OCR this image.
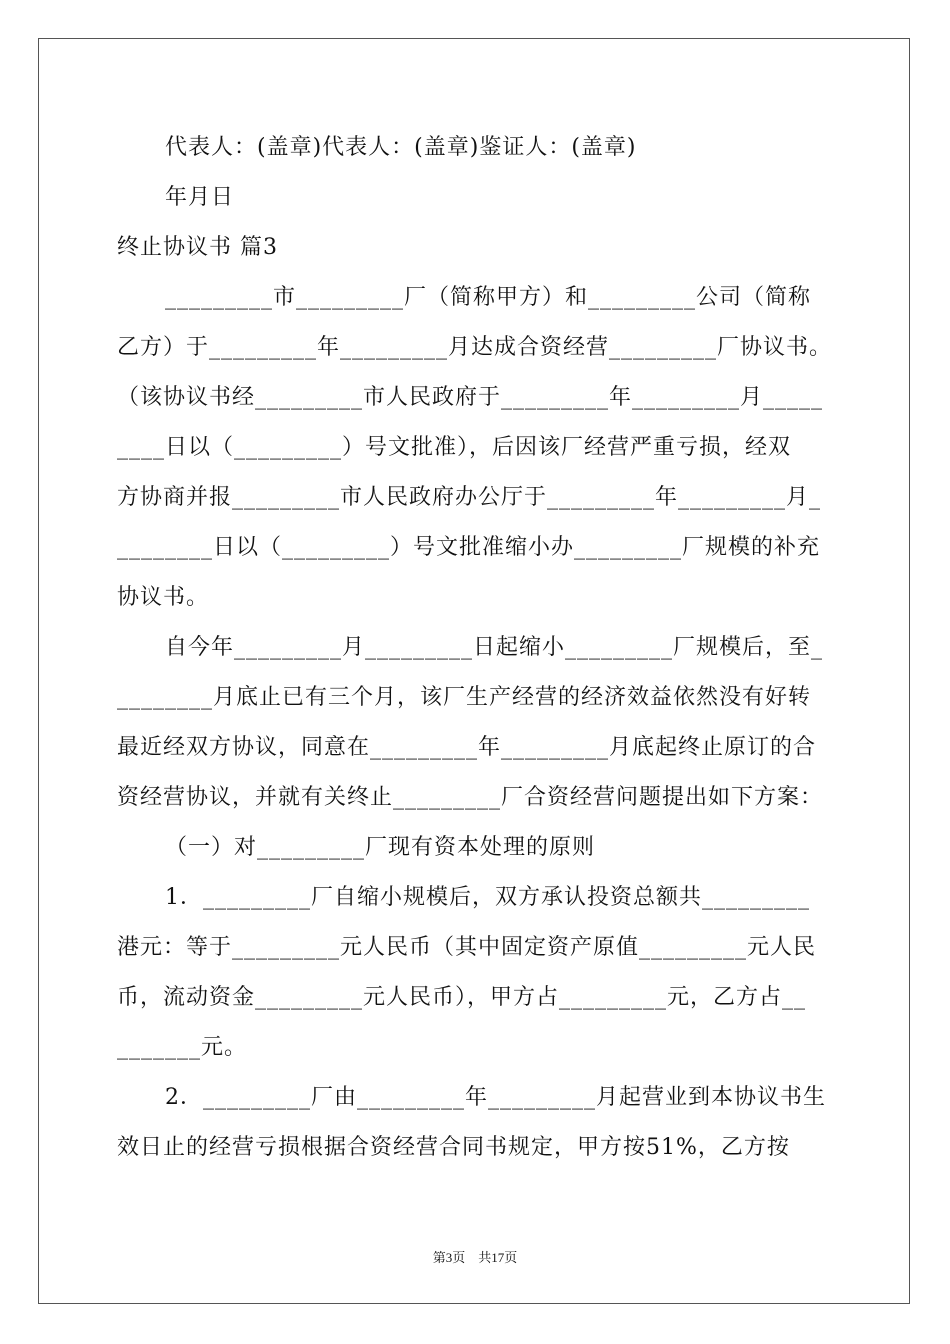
代表人：(盖章)代表人：(盖章)鉴证人：(盖章)
年月日
终止协议书 篇3
_________市_________厂（简称甲方）和_________公司（简称
乙方）于_________年_________月达成合资经营_________厂协议书。
（该协议书经_________市人民政府于_________年_________月_____
____日以（_________）号文批准），后因该厂经营严重亏损，经双
方协商并报_________市人民政府办公厅于_________年_________月_
________日以（_________）号文批准缩小办_________厂规模的补充
协议书。
自今年_________月_________日起缩小_________厂规模后，至_
________月底止已有三个月，该厂生产经营的经济效益依然没有好转
最近经双方协议，同意在_________年_________月底起终止原订的合
资经营协议，并就有关终止_________厂合资经营问题提出如下方案：
（一）对_________厂现有资本处理的原则
1．_________厂自缩小规模后，双方承认投资总额共_________
港元：等于_________元人民币（其中固定资产原值_________元人民
币，流动资金_________元人民币），甲方占_________元，乙方占__
_______元。
2．_________厂由_________年_________月起营业到本协议书生
效日止的经营亏损根据合资经营合同书规定，甲方按51%，乙方按
第3页　共17页
